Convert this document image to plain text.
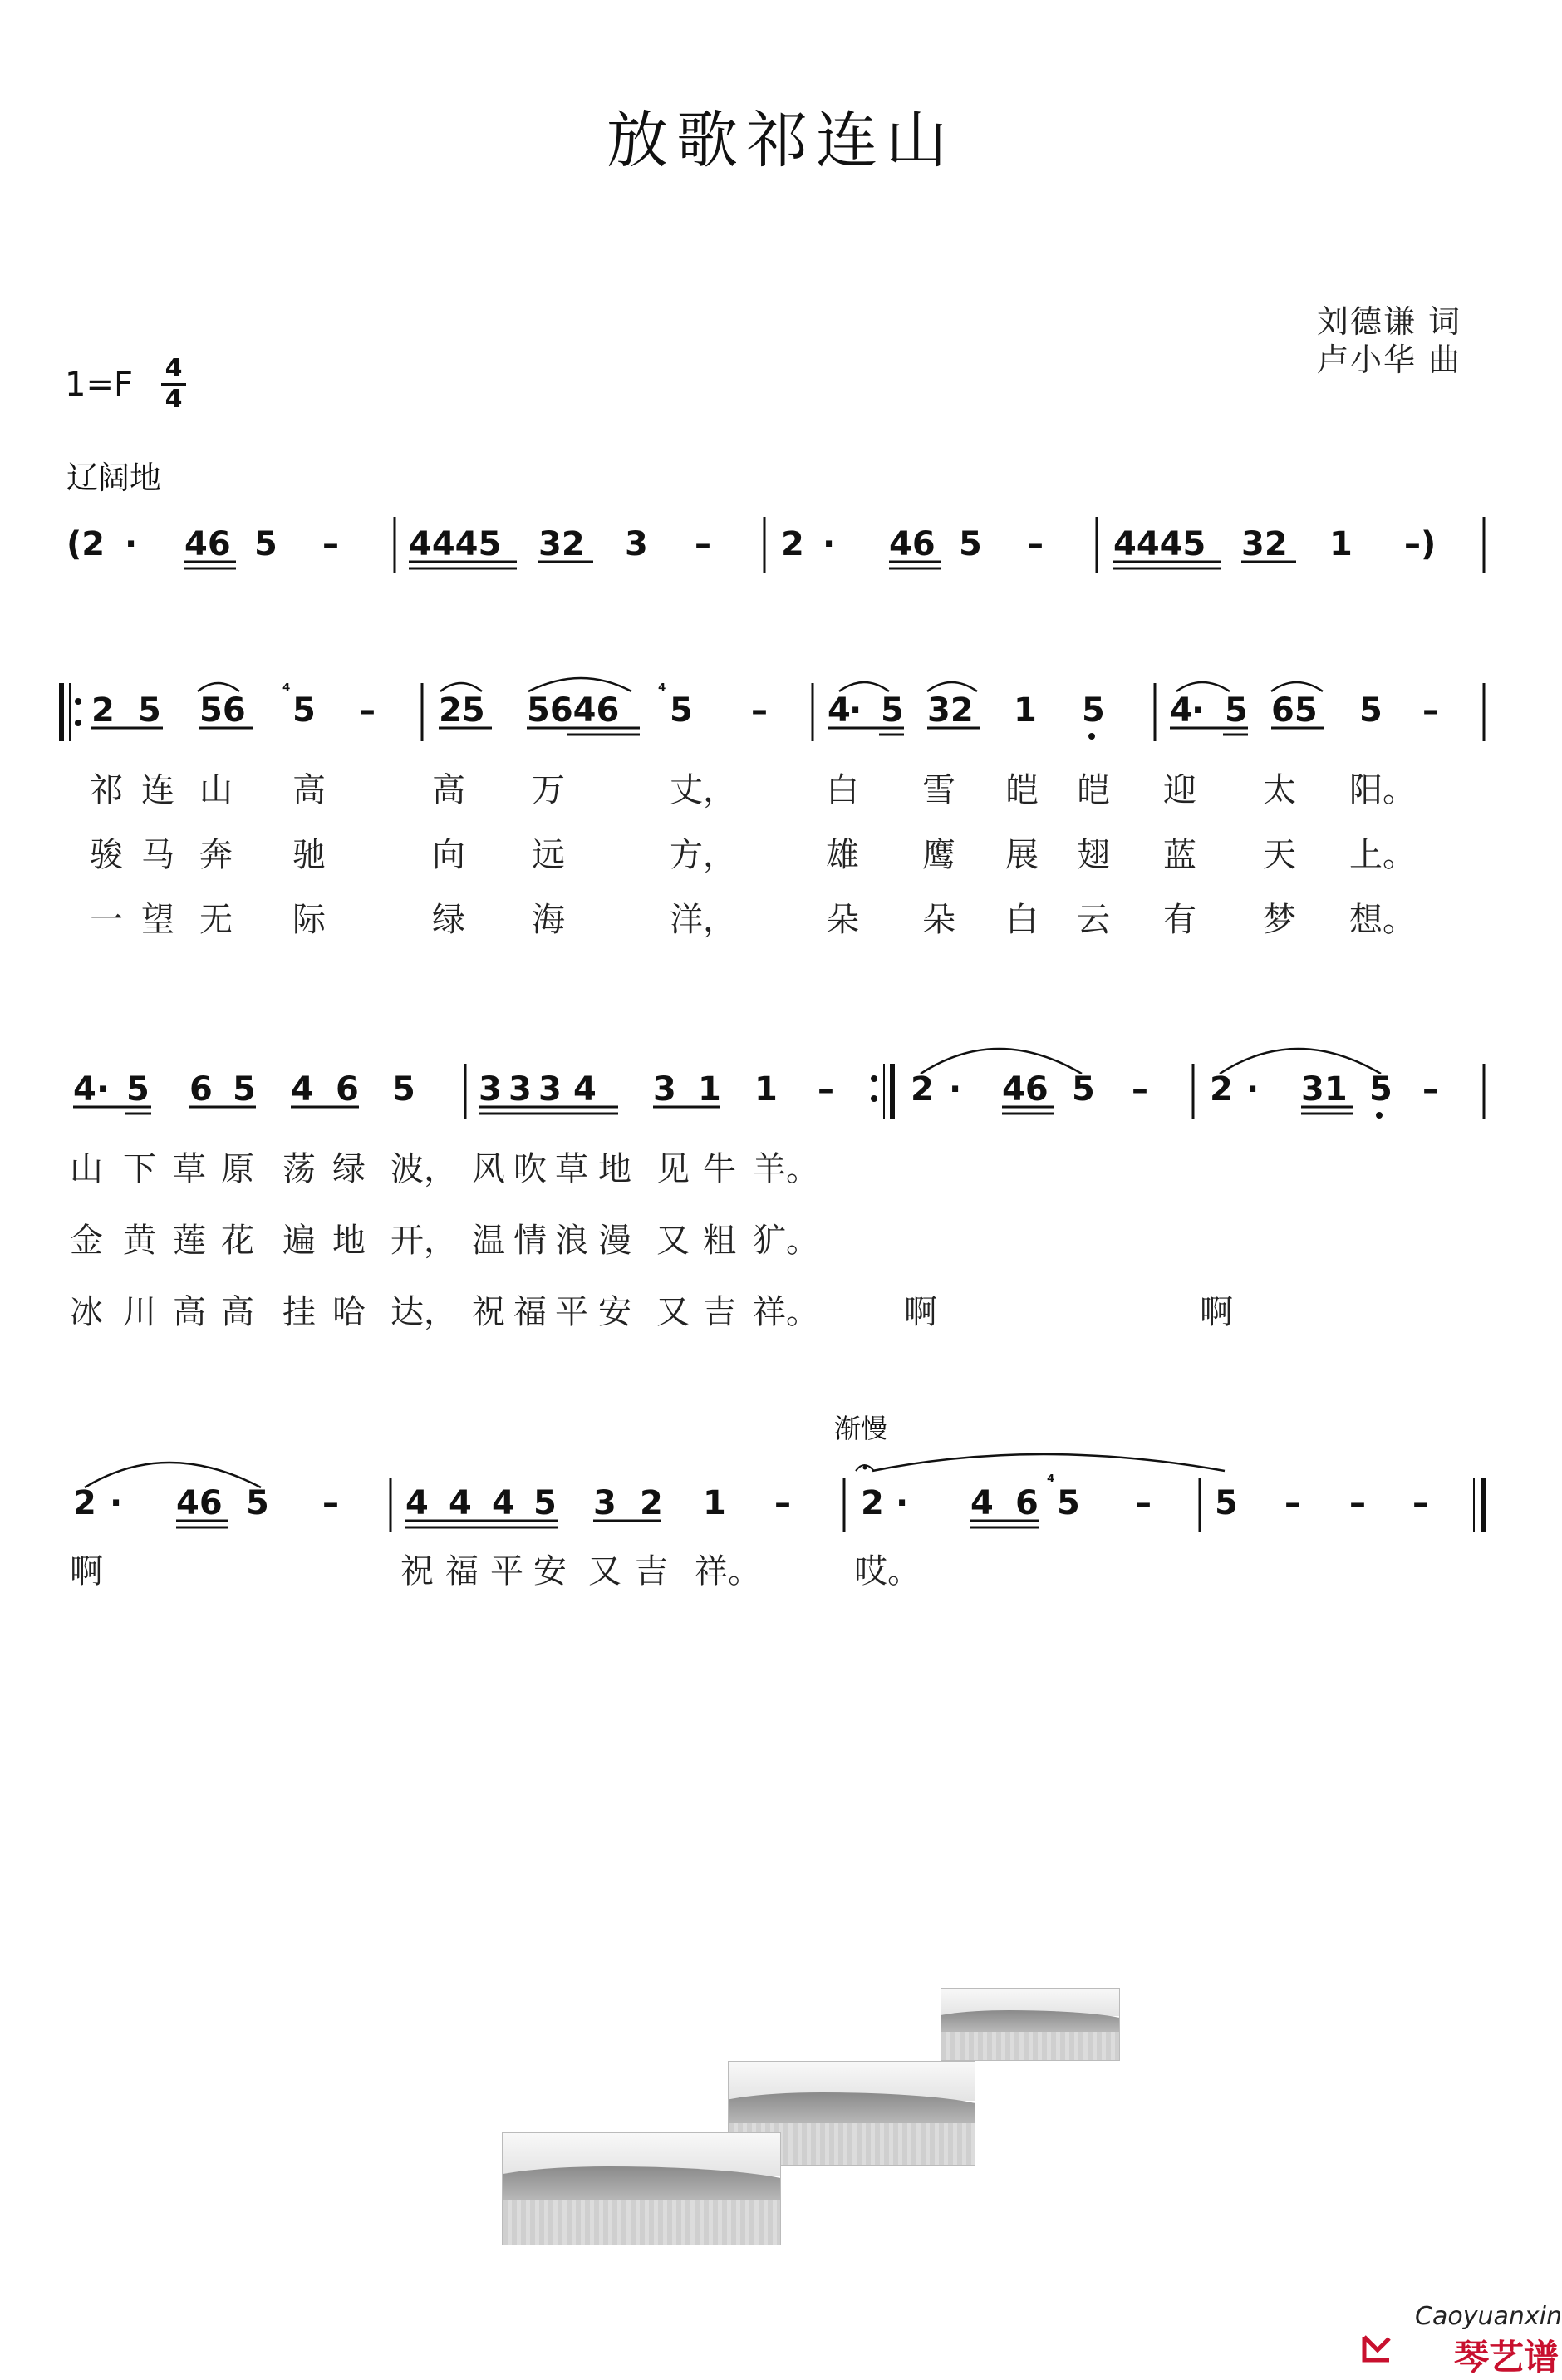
放歌祁连山
刘德谦 词
卢小华 曲
1=F 4
4
辽阔地
(2 · 46 5 – 4445 32 3 – 2 · 46 5 – 4445 32 1 –)
2 5 56
⁴
5 – 25 5646
⁴
5 – 4
· 5 32 1 5 4
· 5 65 5 –
祁 连 山 高	高 万	丈，	白 雪 皑 皑 迎 太 阳。
骏 马 奔 驰	向 远	方，	雄 鹰 展 翅 蓝 天 上。
一 望 无 际	绿 海	洋，	朵 朵 白 云 有 梦 想。
4 · 5 6 5 4 6 5 3 3 3 4 3 1 1 – 2 · 46 5 – 2 · 31 5 –
山 下 草 原 荡 绿 波， 风 吹 草 地 见 牛 羊。
金 黄 莲 花 遍 地 开， 温 情 浪 漫 又 粗 犷。
冰 川 高 高 挂 哈 达， 祝 福 平 安 又 吉 祥。	啊	啊
2 · 46 5 – 4 4 4 5 3 2 1 – 2 · 4 6
⁴
5 – 5 – – –
渐慢
啊	祝 福 平 安 又 吉 祥。	哎。
Caoyuanxin
琴艺谱
